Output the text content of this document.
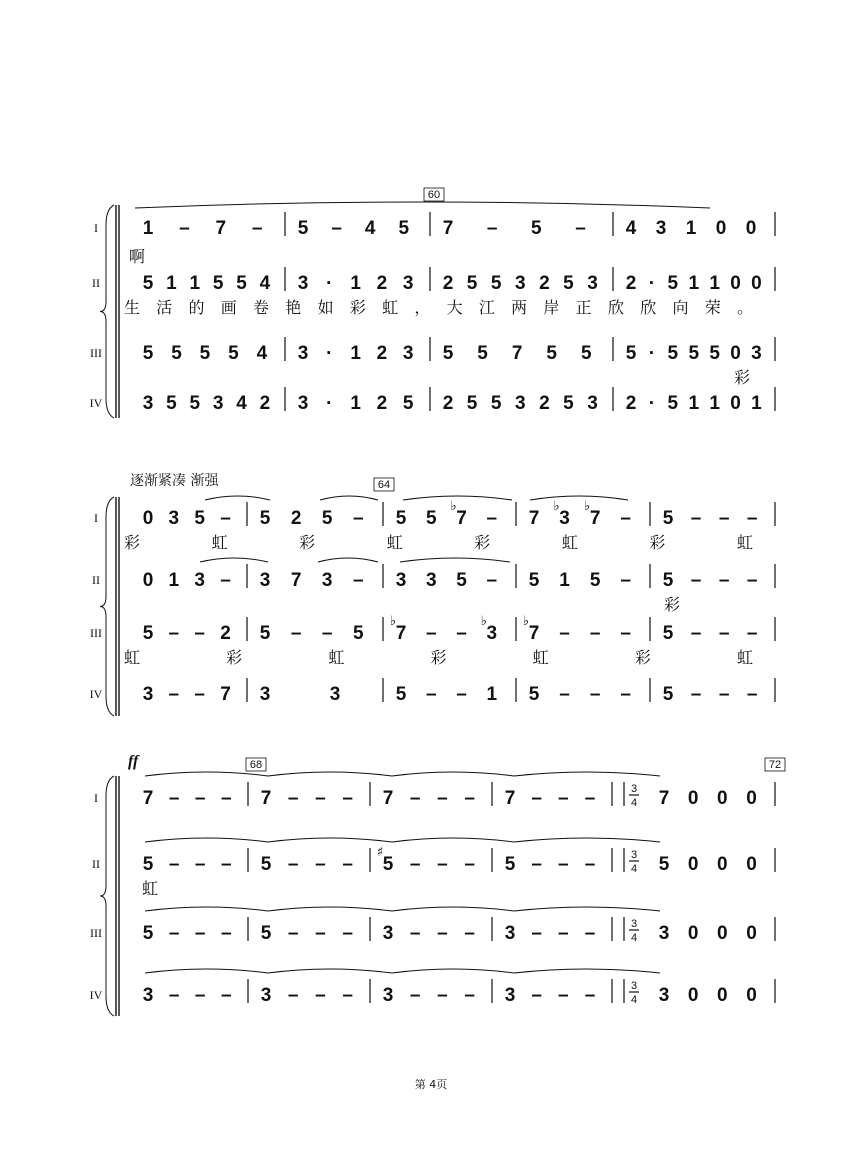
60
I 1 – 7 – 5 – 4 5 7 – 5 – 4 3 1 0 0
啊
II 5 1 1 5 5 4 3 · 1 2 3 2 5 5 3 2 5 3 2 · 5 1 1 0 0
生 活 的 画 卷 艳 如 彩 虹 ， 大 江 两 岸 正 欣 欣 向 荣 。
III 5 5 5 5 4 3 · 1 2 3 5 5 7 5 5 5 · 5 5 5 0 3
IV 3 5 5 3 4 2 3 · 1 2 5 2 5 5 3 2 5 3 2 · 5 1 1 0 1
彩
逐渐紧凑 渐强	64
I 0 3 5 – 5 2 5 – 5 5
♭
7 – 7
♭
3
♭
7 – 5 – – –
彩	虹	彩	虹	彩	虹	彩	虹
II 0 1 3 – 3 7 3 – 3 3 5 – 5 1 5 – 5 – – –
彩
III 5 – – 2 5 – – 5
♭
7 – –
♭
3
♭
7 – – – 5 – – –
虹	彩	虹	彩	虹	彩	虹
IV 3 – – 7 3	3	5 – – 1 5 – – – 5 – – –
ff	68	72
I
3
4
7 – – – 7 – – – 7 – – – 7 – – –	7 0 0 0
II
3
4
5 – – – 5 – – –
♯
5 – – – 5 – – –	5 0 0 0
虹
III
3
4
5 – – – 5 – – – 3 – – – 3 – – –	3 0 0 0
IV
3
4
3 – – – 3 – – – 3 – – – 3 – – –	3 0 0 0
第 4页
